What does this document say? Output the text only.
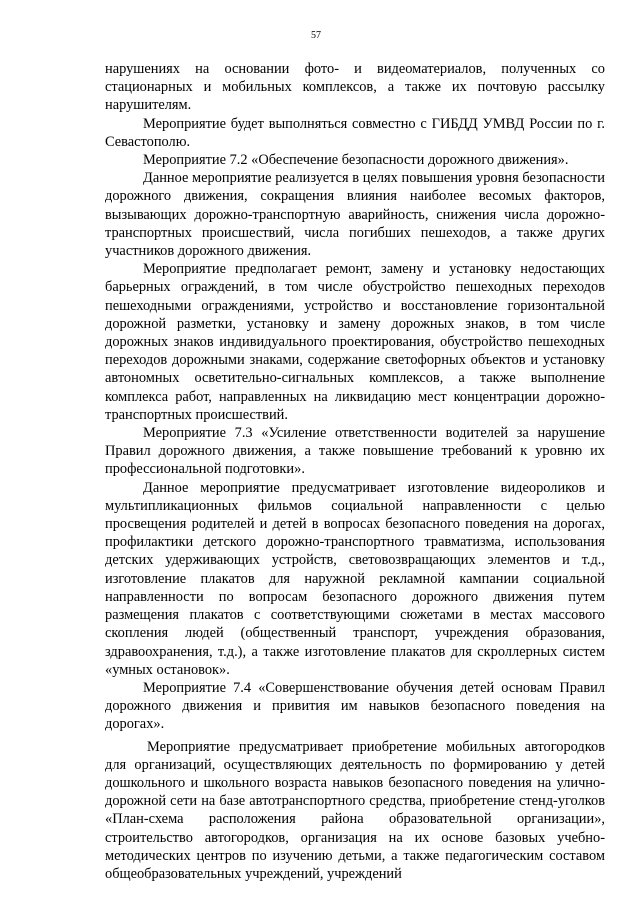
57

нарушениях на основании фото- и видеоматериалов, полученных со стационарных и мобильных комплексов, а также их почтовую рассылку нарушителям.

Мероприятие будет выполняться совместно с ГИБДД УМВД России по г. Севастополю.

Мероприятие 7.2 «Обеспечение безопасности дорожного движения».

Данное мероприятие реализуется в целях повышения уровня безопасности дорожного движения, сокращения влияния наиболее весомых факторов, вызывающих дорожно-транспортную аварийность, снижения числа дорожно-транспортных происшествий, числа погибших пешеходов, а также других участников дорожного движения.

Мероприятие предполагает ремонт, замену и установку недостающих барьерных ограждений, в том числе обустройство пешеходных переходов пешеходными ограждениями, устройство и восстановление горизонтальной дорожной разметки, установку и замену дорожных знаков, в том числе дорожных знаков индивидуального проектирования, обустройство пешеходных переходов дорожными знаками, содержание светофорных объектов и установку автономных осветительно-сигнальных комплексов, а также выполнение комплекса работ, направленных на ликвидацию мест концентрации дорожно-транспортных происшествий.

Мероприятие 7.3 «Усиление ответственности водителей за нарушение Правил дорожного движения, а также повышение требований к уровню их профессиональной подготовки».

Данное мероприятие предусматривает изготовление видеороликов и мультипликационных фильмов социальной направленности с целью просвещения родителей и детей в вопросах безопасного поведения на дорогах, профилактики детского дорожно-транспортного травматизма, использования детских удерживающих устройств, световозвращающих элементов и т.д., изготовление плакатов для наружной рекламной кампании социальной направленности по вопросам безопасного дорожного движения путем размещения плакатов с соответствующими сюжетами в местах массового скопления людей (общественный транспорт, учреждения образования, здравоохранения, т.д.), а также изготовление плакатов для скроллерных систем «умных остановок».

Мероприятие 7.4 «Совершенствование обучения детей основам Правил дорожного движения и привития им навыков безопасного поведения на дорогах».

Мероприятие предусматривает приобретение мобильных автогородков для организаций, осуществляющих деятельность по формированию у детей дошкольного и школьного возраста навыков безопасного поведения на улично-дорожной сети на базе автотранспортного средства, приобретение стенд-уголков «План-схема расположения района образовательной организации», строительство автогородков, организация на их основе базовых учебно-методических центров по изучению детьми, а также педагогическим составом общеобразовательных учреждений, учреждений
